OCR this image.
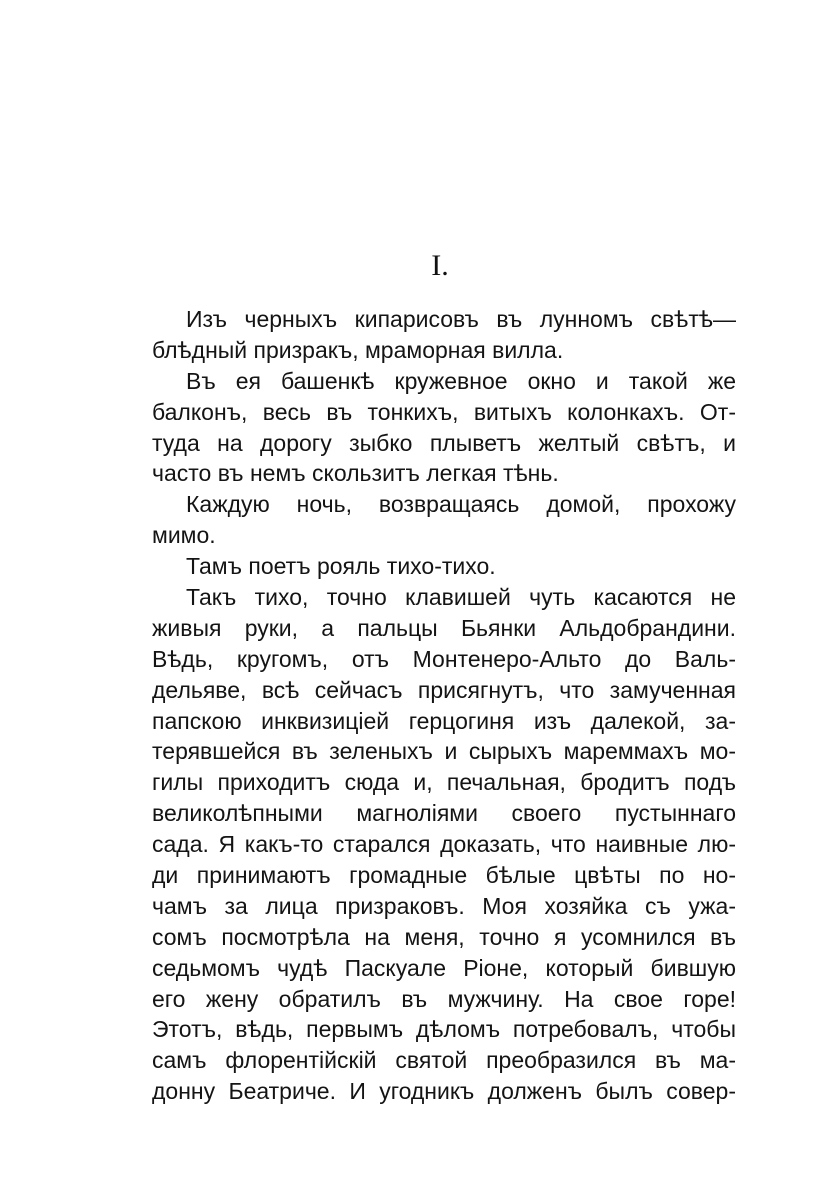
I.
Изъ черныхъ кипарисовъ въ лунномъ свѣтѣ—
блѣдный призракъ, мраморная вилла.
Въ ея башенкѣ кружевное окно и такой же
балконъ, весь въ тонкихъ, витыхъ колонкахъ. От-
туда на дорогу зыбко плыветъ желтый свѣтъ, и
часто въ немъ скользитъ легкая тѣнь.
Каждую ночь, возвращаясь домой, прохожу
мимо.
Тамъ поетъ рояль тихо-тихо.
Такъ тихо, точно клавишей чуть касаются не
живыя руки, а пальцы Бьянки Альдобрандини.
Вѣдь, кругомъ, отъ Монтенеро-Альто до Валь-
дельяве, всѣ сейчасъ присягнутъ, что замученная
папскою инквизиціей герцогиня изъ далекой, за-
терявшейся въ зеленыхъ и сырыхъ мареммахъ мо-
гилы приходитъ сюда и, печальная, бродитъ подъ
великолѣпными магноліями своего пустыннаго
сада. Я какъ-то старался доказать, что наивные лю-
ди принимаютъ громадные бѣлые цвѣты по но-
чамъ за лица призраковъ. Моя хозяйка съ ужа-
сомъ посмотрѣла на меня, точно я усомнился въ
седьмомъ чудѣ Паскуале Ріоне, который бившую
его жену обратилъ въ мужчину. На свое горе!
Этотъ, вѣдь, первымъ дѣломъ потребовалъ, чтобы
самъ флорентійскій святой преобразился въ ма-
донну Беатриче. И угодникъ долженъ былъ совер-
